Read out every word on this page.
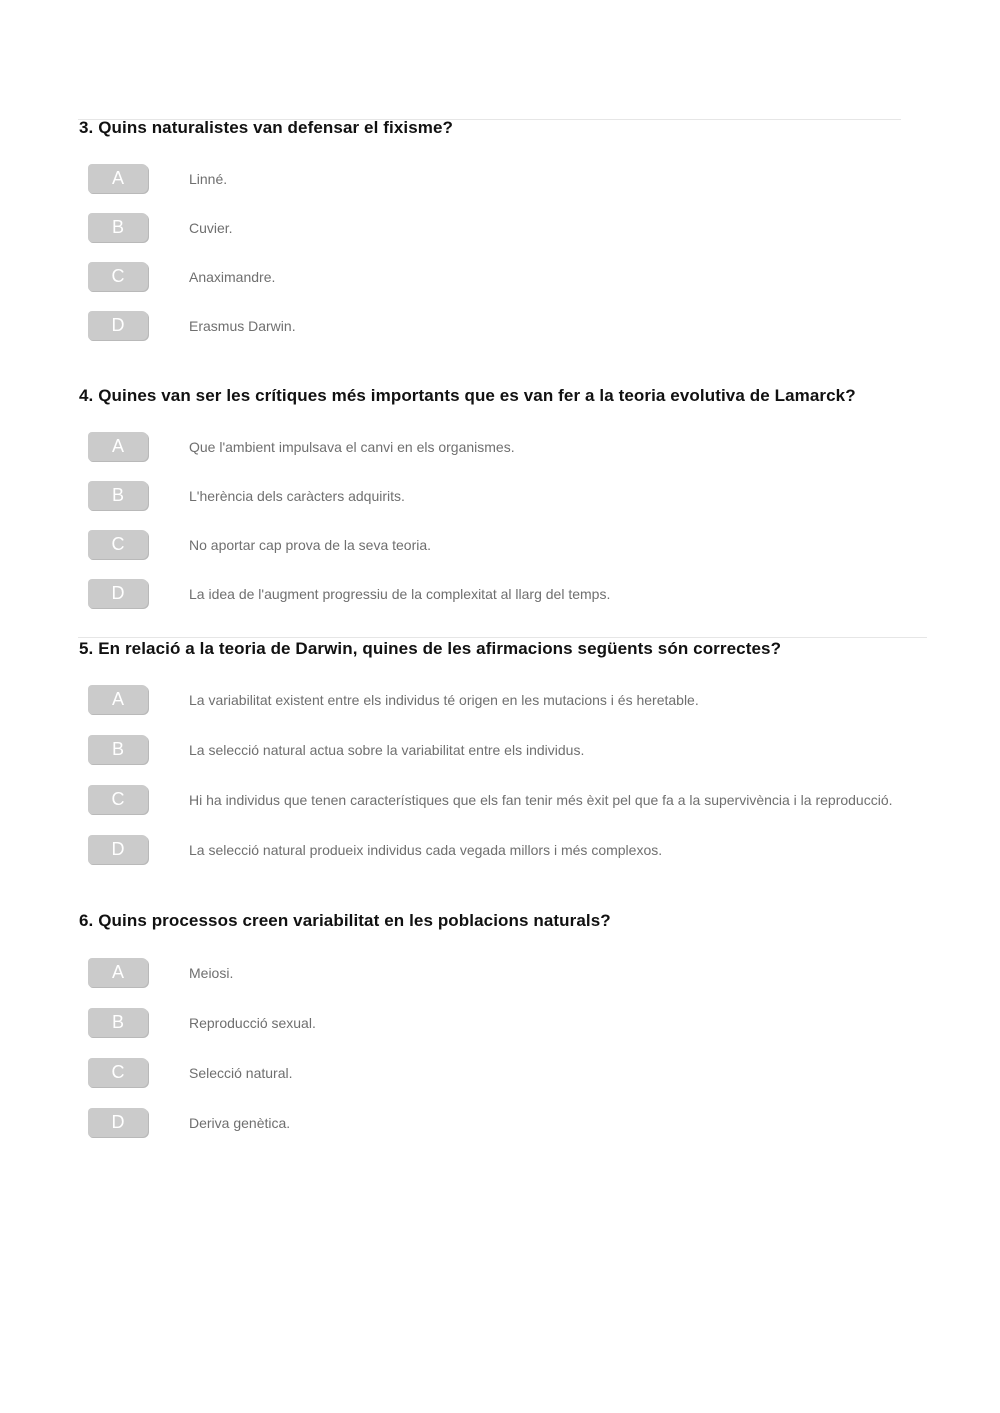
3. Quins naturalistes van defensar el fixisme?
A	Linné.
B	Cuvier.
C	Anaximandre.
D	Erasmus Darwin.
4. Quines van ser les crítiques més importants que es van fer a la teoria evolutiva de Lamarck?
A	Que l'ambient impulsava el canvi en els organismes.
B	L'herència dels caràcters adquirits.
C	No aportar cap prova de la seva teoria.
D	La idea de l'augment progressiu de la complexitat al llarg del temps.
5. En relació a la teoria de Darwin, quines de les afirmacions següents són correctes?
A	La variabilitat existent entre els individus té origen en les mutacions i és heretable.
B	La selecció natural actua sobre la variabilitat entre els individus.
C	Hi ha individus que tenen característiques que els fan tenir més èxit pel que fa a la supervivència i la reproducció.
D	La selecció natural produeix individus cada vegada millors i més complexos.
6. Quins processos creen variabilitat en les poblacions naturals?
A	Meiosi.
B	Reproducció sexual.
C	Selecció natural.
D	Deriva genètica.
